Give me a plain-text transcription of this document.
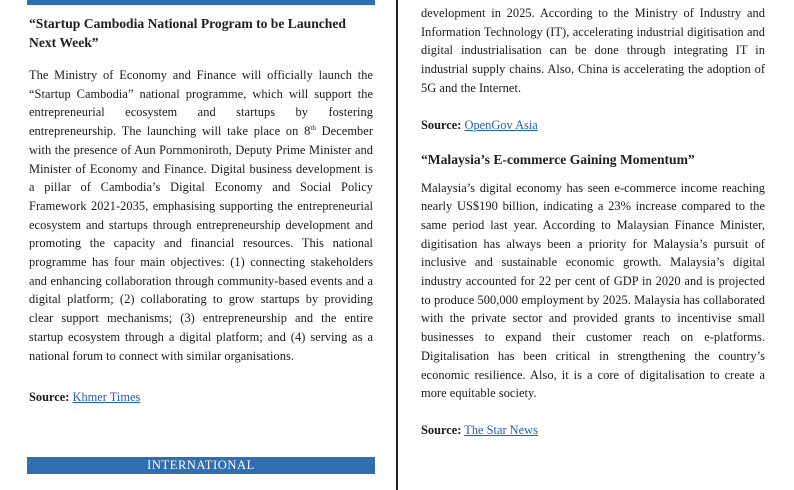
“Startup Cambodia National Program to be Launched Next Week”

The Ministry of Economy and Finance will officially launch the “Startup Cambodia” national programme, which will support the entrepreneurial ecosystem and startups by fostering entrepreneurship. The launching will take place on 8th December with the presence of Aun Pornmoniroth, Deputy Prime Minister and Minister of Economy and Finance. Digital business development is a pillar of Cambodia’s Digital Economy and Social Policy Framework 2021-2035, emphasising supporting the entrepreneurial ecosystem and startups through entrepreneurship development and promoting the capacity and financial resources. This national programme has four main objectives: (1) connecting stakeholders and enhancing collaboration through community-based events and a digital platform; (2) collaborating to grow startups by providing clear support mechanisms; (3) entrepreneurship and the entire startup ecosystem through a digital platform; and (4) serving as a national forum to connect with similar organisations.

Source: Khmer Times

INTERNATIONAL

development in 2025. According to the Ministry of Industry and Information Technology (IT), accelerating industrial digitisation and digital industrialisation can be done through integrating IT in industrial supply chains. Also, China is accelerating the adoption of 5G and the Internet.

Source: OpenGov Asia

“Malaysia’s E-commerce Gaining Momentum”

Malaysia’s digital economy has seen e-commerce income reaching nearly US$190 billion, indicating a 23% increase compared to the same period last year. According to Malaysian Finance Minister, digitisation has always been a priority for Malaysia’s pursuit of inclusive and sustainable economic growth. Malaysia’s digital industry accounted for 22 per cent of GDP in 2020 and is projected to produce 500,000 employment by 2025. Malaysia has collaborated with the private sector and provided grants to incentivise small businesses to expand their customer reach on e-platforms. Digitalisation has been critical in strengthening the country’s economic resilience. Also, it is a core of digitalisation to create a more equitable society.

Source: The Star News
